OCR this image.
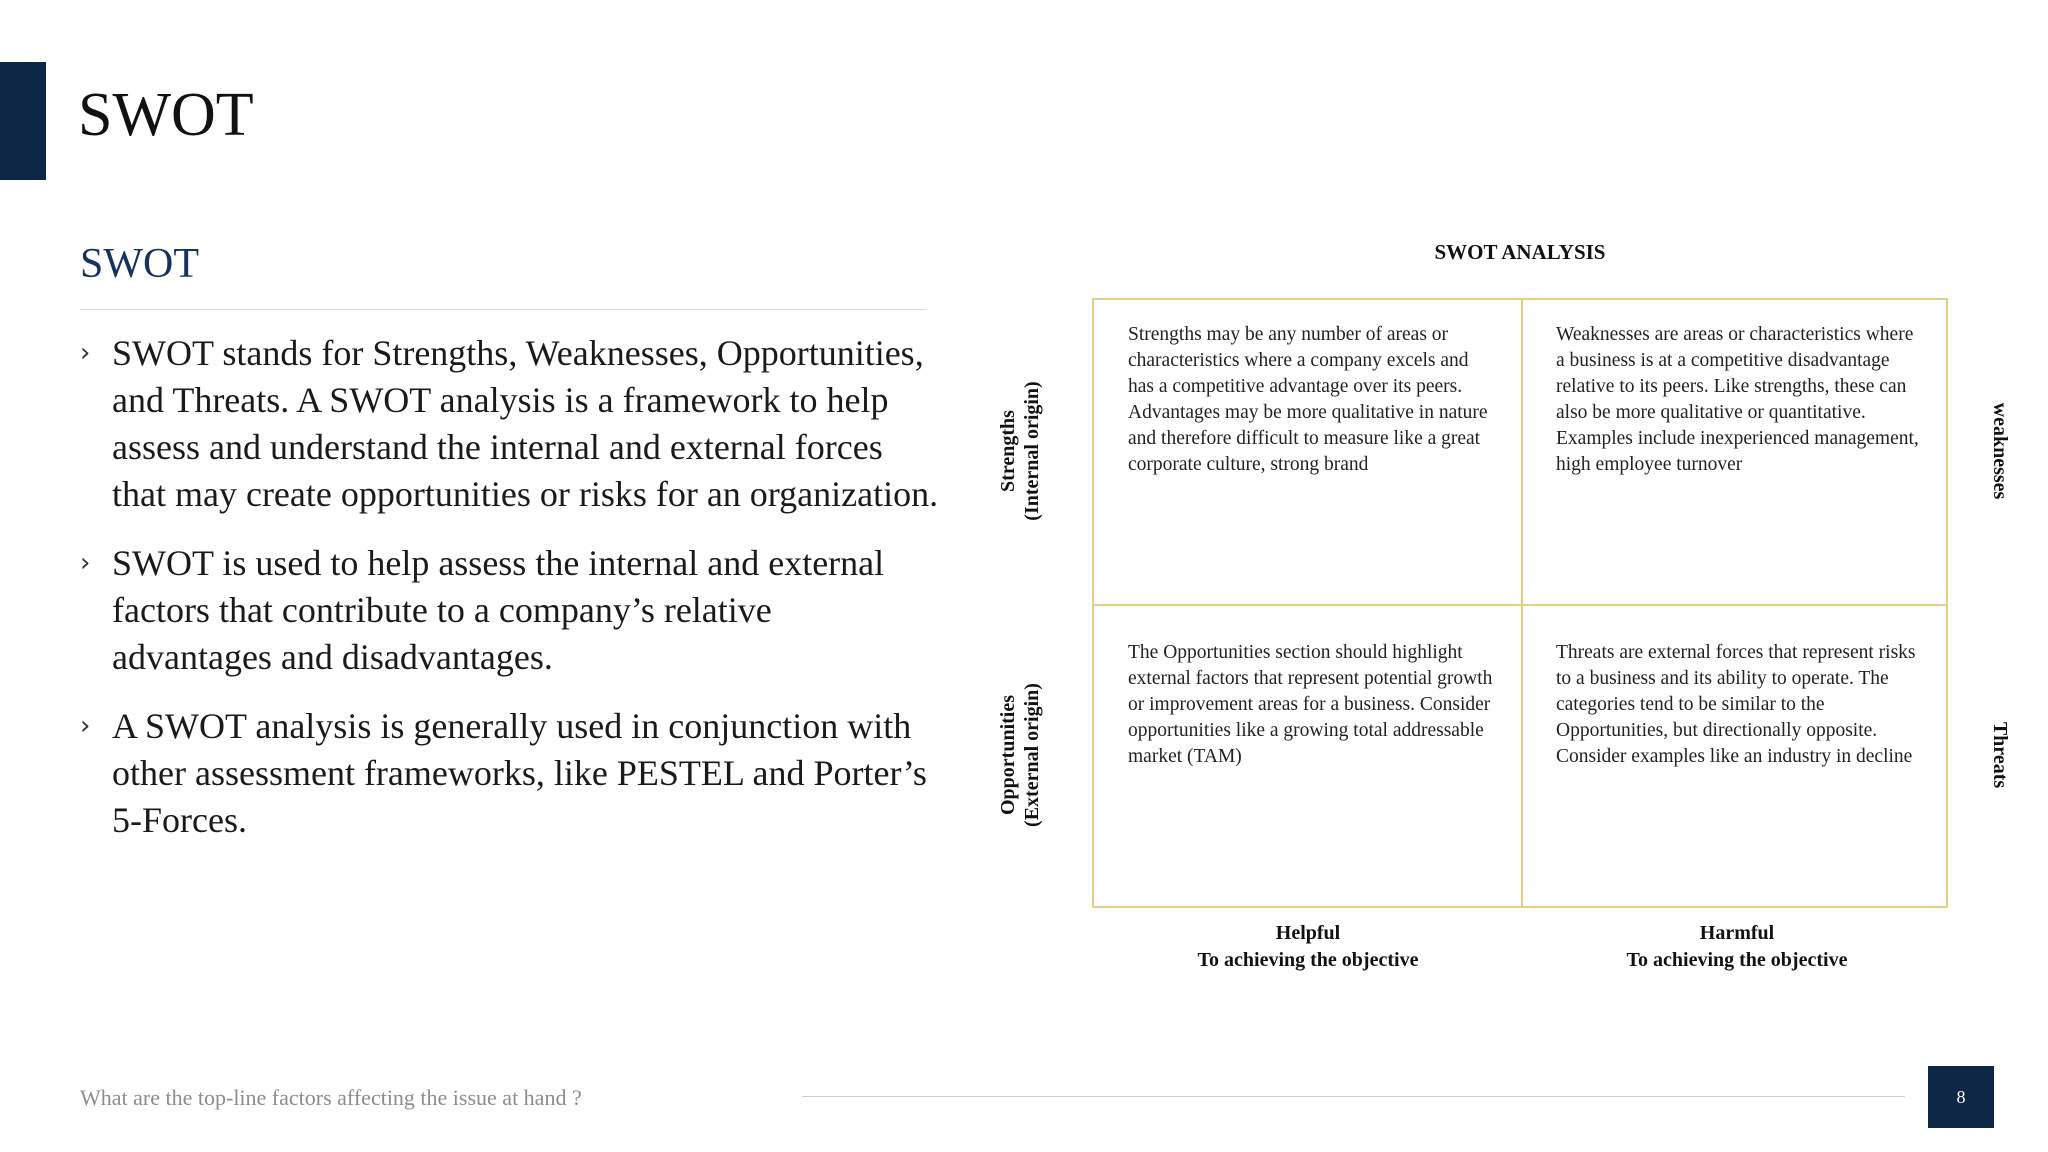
SWOT
SWOT
› SWOT stands for Strengths, Weaknesses, Opportunities, and Threats. A SWOT analysis is a framework to help assess and understand the internal and external forces that may create opportunities or risks for an organization.
› SWOT is used to help assess the internal and external factors that contribute to a company’s relative advantages and disadvantages.
› A SWOT analysis is generally used in conjunction with other assessment frameworks, like PESTEL and Porter’s 5-Forces.
SWOT ANALYSIS
Strengths may be any number of areas or characteristics where a company excels and has a competitive advantage over its peers. Advantages may be more qualitative in nature and therefore difficult to measure like a great corporate culture, strong brand
Weaknesses are areas or characteristics where a business is at a competitive disadvantage relative to its peers. Like strengths, these can also be more qualitative or quantitative. Examples include inexperienced management, high employee turnover
The Opportunities section should highlight external factors that represent potential growth or improvement areas for a business. Consider opportunities like a growing total addressable market (TAM)
Threats are external forces that represent risks to a business and its ability to operate. The categories tend to be similar to the Opportunities, but directionally opposite. Consider examples like an industry in decline
Strengths (Internal origin)
Opportunities (External origin)
weaknesses
Threats
Helpful
To achieving the objective
Harmful
To achieving the objective
What are the top-line factors affecting the issue at hand ?	8
